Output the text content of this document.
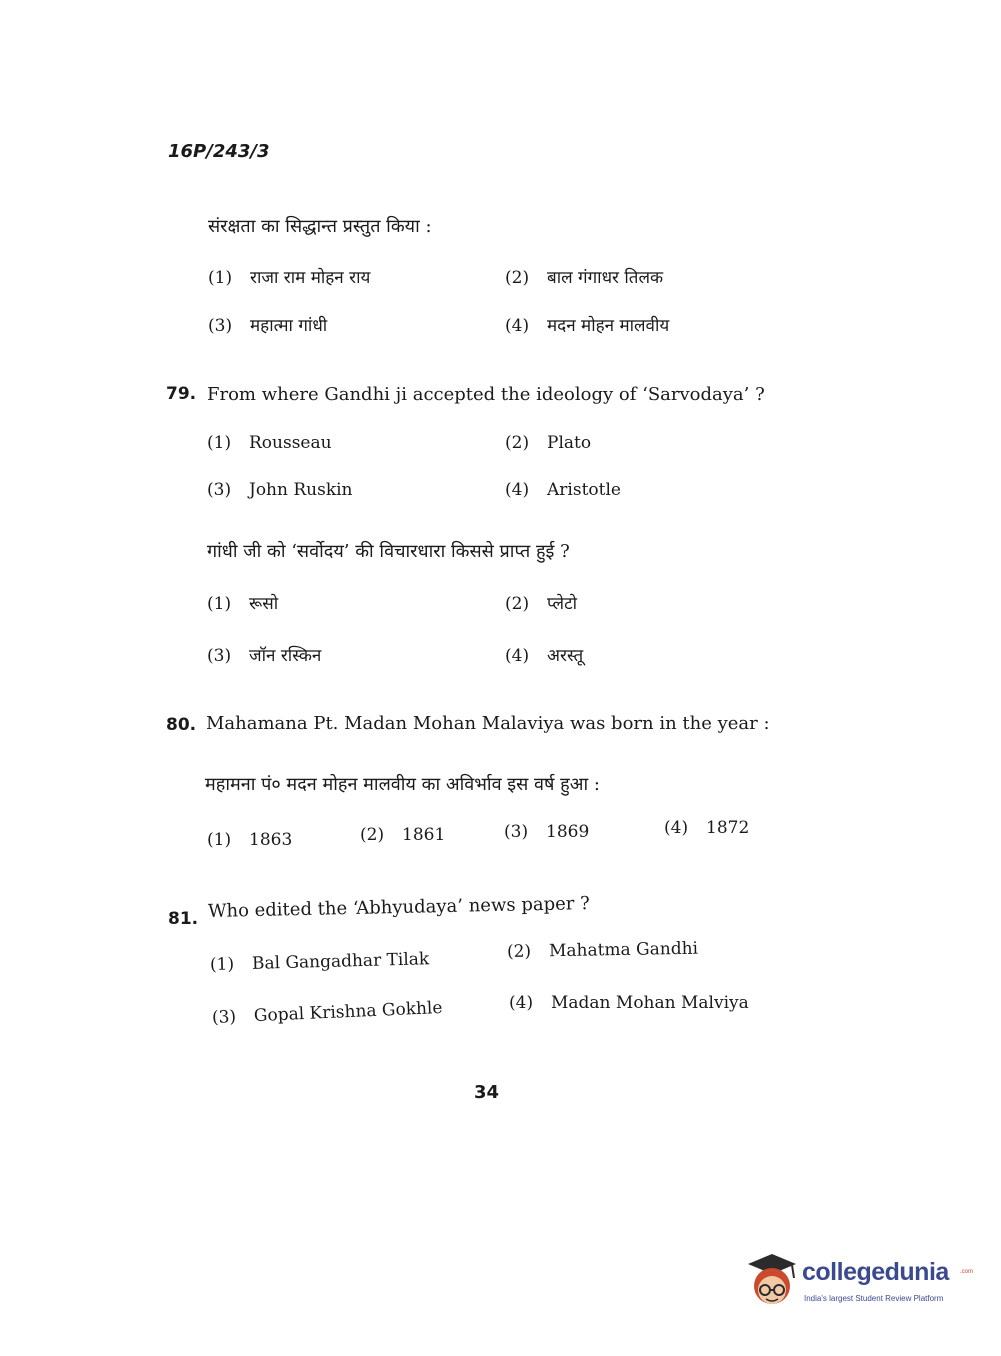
16P/243/3
संरक्षता का सिद्धान्त प्रस्तुत किया :
(1) राजा राम मोहन राय	(2) बाल गंगाधर तिलक
(3) महात्मा गांधी	(4) मदन मोहन मालवीय
79. From where Gandhi ji accepted the ideology of ‘Sarvodaya’ ?
(1) Rousseau	(2) Plato
(3) John Ruskin	(4) Aristotle
गांधी जी को ‘सर्वोदय’ की विचारधारा किससे प्राप्त हुई ?
(1) रूसो	(2) प्लेटो
(3) जॉन रस्किन	(4) अरस्तू
80. Mahamana Pt. Madan Mohan Malaviya was born in the year :
महामना पं० मदन मोहन मालवीय का अविर्भाव इस वर्ष हुआ :
(1) 1863	(2) 1861	(3) 1869	(4) 1872
81. Who edited the ‘Abhyudaya’ news paper ?
(1) Bal Gangadhar Tilak	(2) Mahatma Gandhi
(3) Gopal Krishna Gokhle	(4) Madan Mohan Malviya
34
collegedunia .com
India's largest Student Review Platform
